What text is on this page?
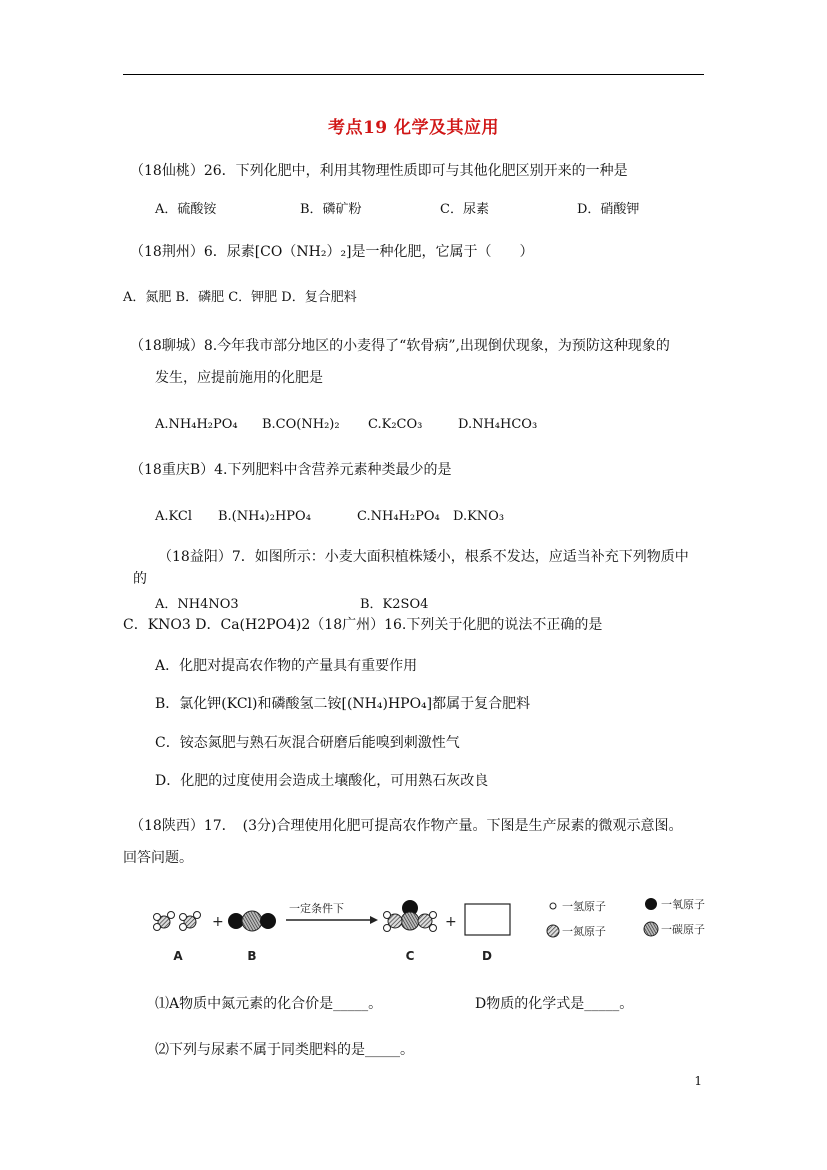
考点19 化学及其应用
（18仙桃）26．下列化肥中，利用其物理性质即可与其他化肥区别开来的一种是
A．硫酸铵	B．磷矿粉	C．尿素	D．硝酸钾
（18荆州）6．尿素[CO（NH₂）₂]是一种化肥，它属于（　　）
A．氮肥 B．磷肥 C．钾肥 D．复合肥料
（18聊城）8.今年我市部分地区的小麦得了“软骨病”,出现倒伏现象，为预防这种现象的
发生，应提前施用的化肥是
A.NH₄H₂PO₄ B.CO(NH₂)₂ C.K₂CO₃	D.NH₄HCO₃
（18重庆B）4.下列肥料中含营养元素种类最少的是
A.KCl B.(NH₄)₂HPO₄	C.NH₄H₂PO₄ D.KNO₃
（18益阳）7．如图所示：小麦大面积植株矮小，根系不发达，应适当补充下列物质中
的
A．NH4NO3	B．K2SO4
C．KNO3 D．Ca(H2PO4)2（18广州）16.下列关于化肥的说法不正确的是
A．化肥对提高农作物的产量具有重要作用
B．氯化钾(KCl)和磷酸氢二铵[(NH₄)HPO₄]都属于复合肥料
C．铵态氮肥与熟石灰混合研磨后能嗅到刺激性气
D．化肥的过度使用会造成土壤酸化，可用熟石灰改良
（18陕西）17．　(3分)合理使用化肥可提高农作物产量。下图是生产尿素的微观示意图。
回答问题。
+
一定条件下
+
A	B	C	D
一氢原子	一氧原子
一氮原子	一碳原子
⑴A物质中氮元素的化合价是_____。	D物质的化学式是_____。
⑵下列与尿素不属于同类肥料的是_____。
1
